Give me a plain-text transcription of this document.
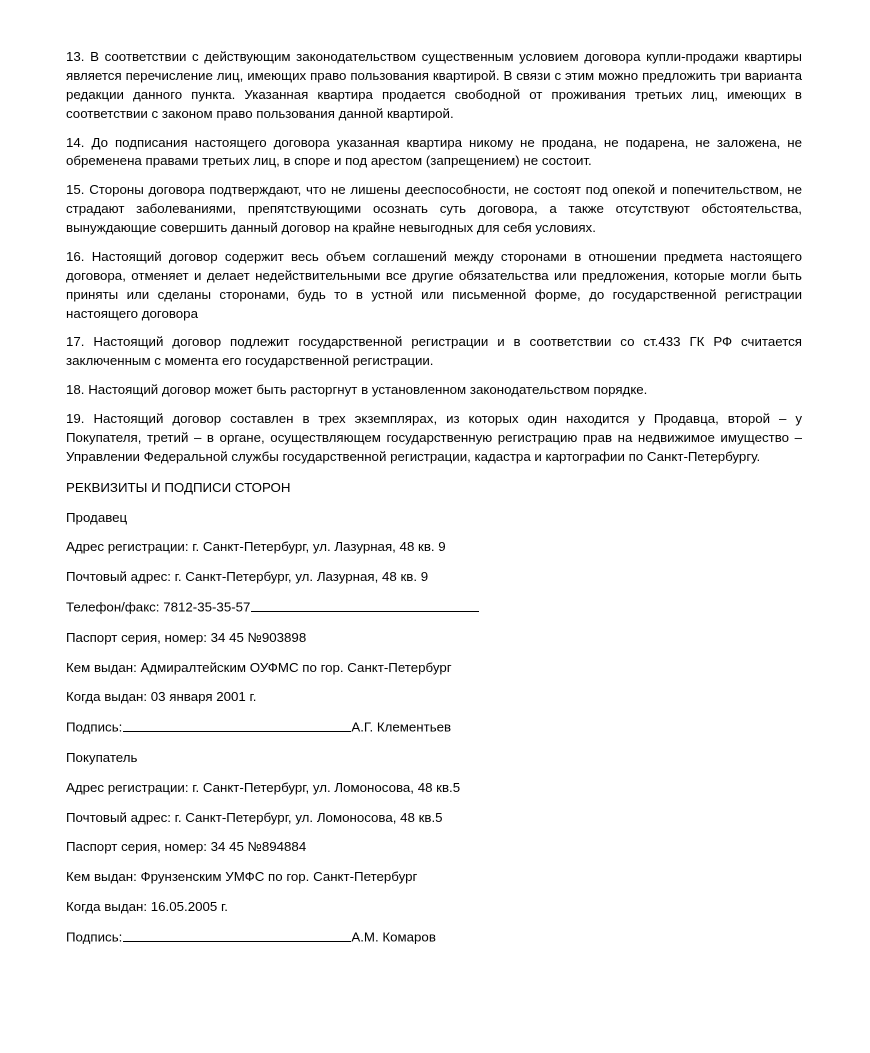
13. В соответствии с действующим законодательством существенным условием договора купли-продажи квартиры является перечисление лиц, имеющих право пользования квартирой. В связи с этим можно предложить три варианта редакции данного пункта. Указанная квартира продается свободной от проживания третьих лиц, имеющих в соответствии с законом право пользования данной квартирой.

14. До подписания настоящего договора указанная квартира никому не продана, не подарена, не заложена, не обременена правами третьих лиц, в споре и под арестом (запрещением) не состоит.

15. Стороны договора подтверждают, что не лишены дееспособности, не состоят под опекой и попечительством, не страдают заболеваниями, препятствующими осознать суть договора, а также отсутствуют обстоятельства, вынуждающие совершить данный договор на крайне невыгодных для себя условиях.

16. Настоящий договор содержит весь объем соглашений между сторонами в отношении предмета настоящего договора, отменяет и делает недействительными все другие обязательства или предложения, которые могли быть приняты или сделаны сторонами, будь то в устной или письменной форме, до государственной регистрации настоящего договора

17. Настоящий договор подлежит государственной регистрации и в соответствии со ст.433 ГК РФ считается заключенным с момента его государственной регистрации.

18. Настоящий договор может быть расторгнут в установленном законодательством порядке.

19. Настоящий договор составлен в трех экземплярах, из которых один находится у Продавца, второй – у Покупателя, третий – в органе, осуществляющем государственную регистрацию прав на недвижимое имущество – Управлении Федеральной службы государственной регистрации, кадастра и картографии по Санкт-Петербургу.

РЕКВИЗИТЫ И ПОДПИСИ СТОРОН
Продавец
Адрес регистрации: г. Санкт-Петербург, ул. Лазурная, 48 кв. 9
Почтовый адрес: г. Санкт-Петербург, ул. Лазурная, 48 кв. 9
Телефон/факс: 7812-35-35-57
Паспорт серия, номер: 34 45 №903898
Кем выдан: Адмиралтейским ОУФМС по гор. Санкт-Петербург
Когда выдан: 03 января 2001 г.
Подпись:	А.Г. Клементьев
Покупатель
Адрес регистрации: г. Санкт-Петербург, ул. Ломоносова, 48 кв.5
Почтовый адрес: г. Санкт-Петербург, ул. Ломоносова, 48 кв.5
Паспорт серия, номер: 34 45 №894884
Кем выдан: Фрунзенским УМФС по гор. Санкт-Петербург
Когда выдан: 16.05.2005 г.
Подпись:	А.М. Комаров
